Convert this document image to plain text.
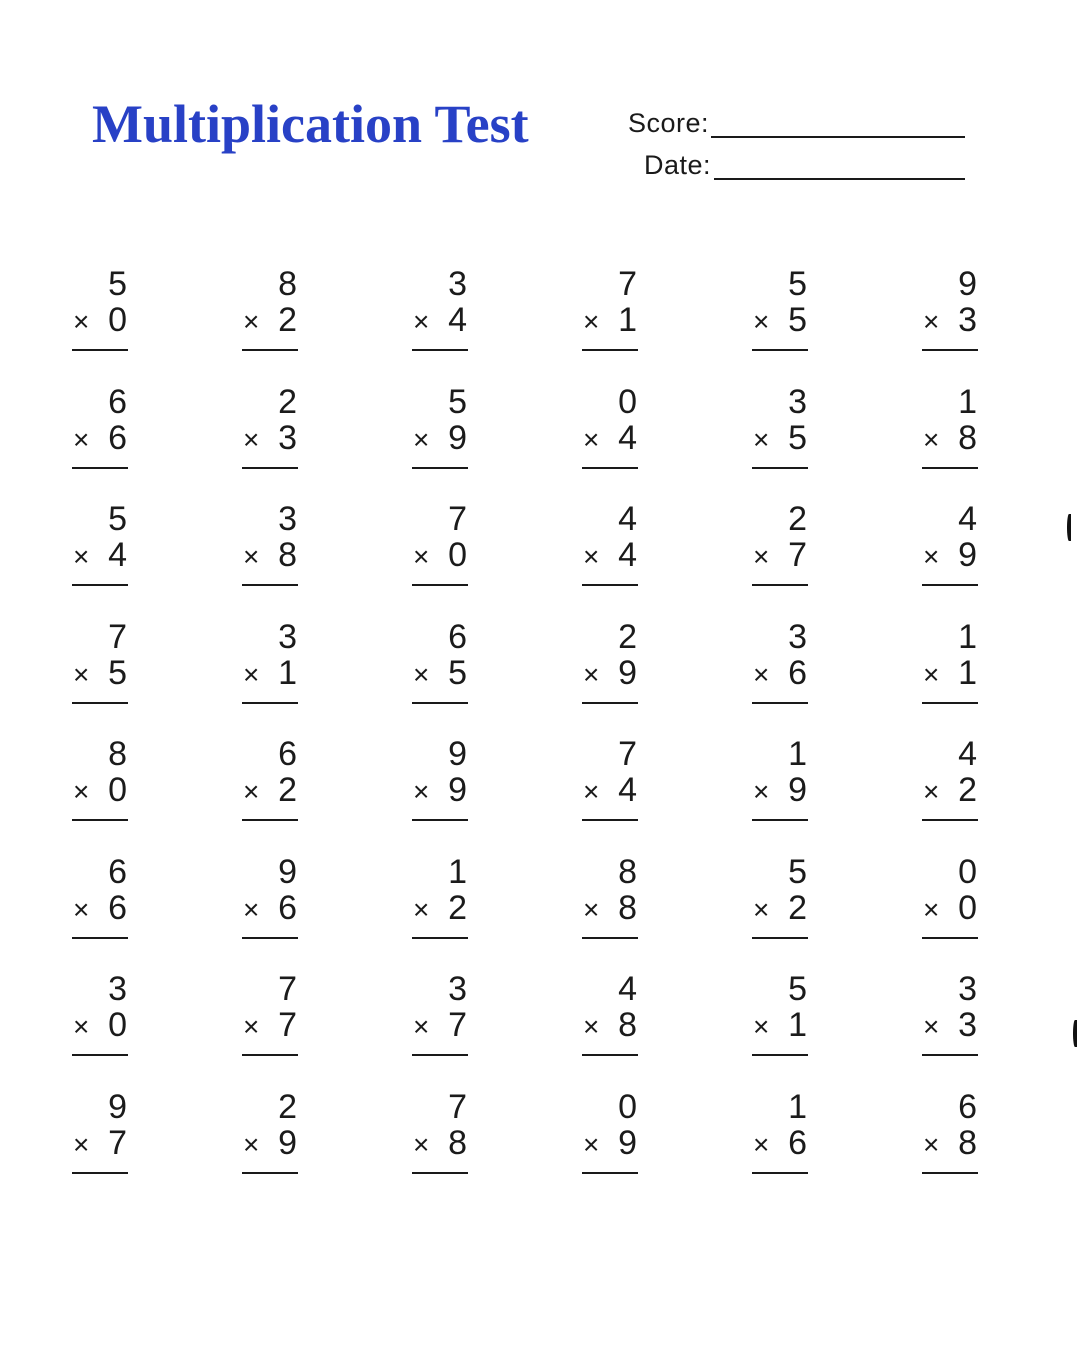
Multiplication Test	Score:
Date:
5
× 0
8
× 2
3
× 4
7
× 1
5
× 5
9
× 3
6
× 6
2
× 3
5
× 9
0
× 4
3
× 5
1
× 8
5
× 4
3
× 8
7
× 0
4
× 4
2
× 7
4
× 9
7
× 5
3
× 1
6
× 5
2
× 9
3
× 6
1
× 1
8
× 0
6
× 2
9
× 9
7
× 4
1
× 9
4
× 2
6
× 6
9
× 6
1
× 2
8
× 8
5
× 2
0
× 0
3
× 0
7
× 7
3
× 7
4
× 8
5
× 1
3
× 3
9
× 7
2
× 9
7
× 8
0
× 9
1
× 6
6
× 8
